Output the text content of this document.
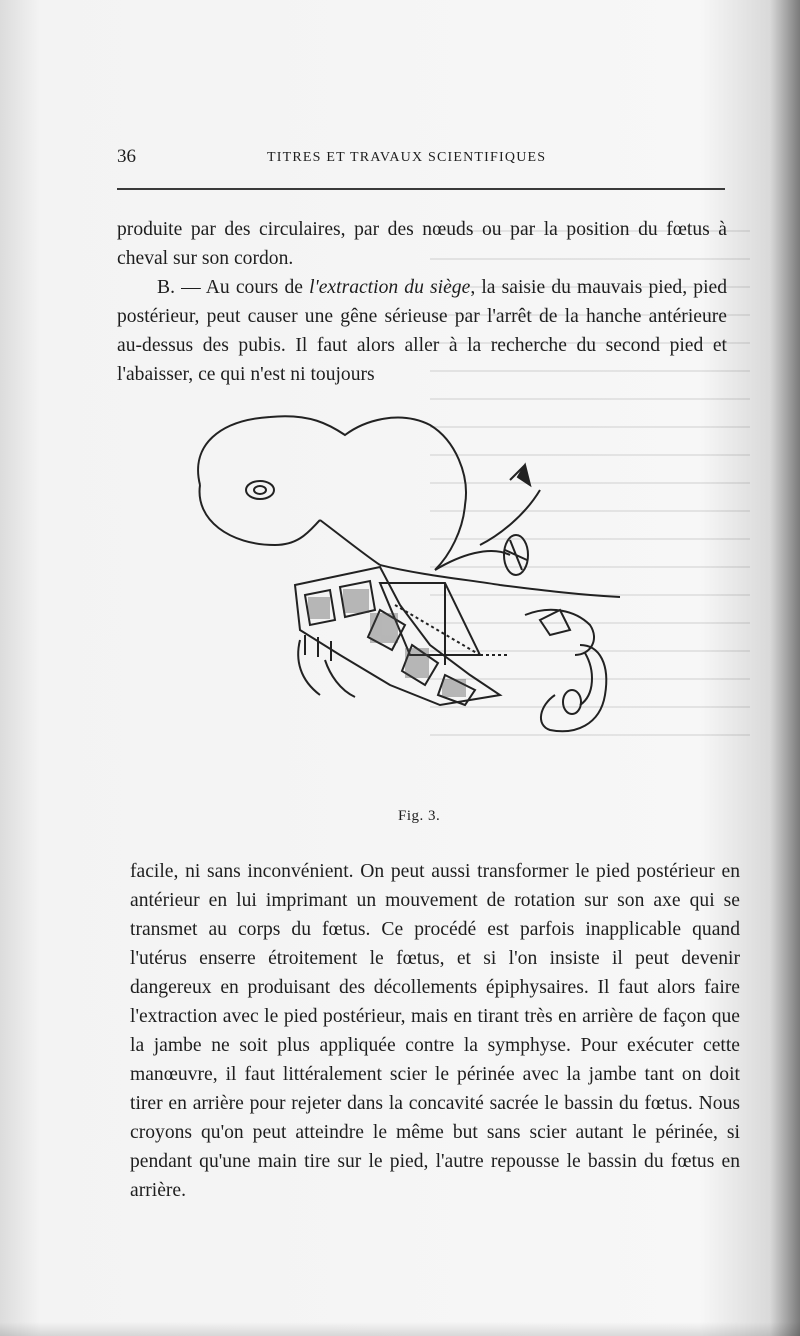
36	TITRES ET TRAVAUX SCIENTIFIQUES

produite par des circulaires, par des nœuds ou par la position du fœtus à cheval sur son cordon.

B. — Au cours de l'extraction du siège, la saisie du mauvais pied, pied postérieur, peut causer une gêne sérieuse par l'arrêt de la hanche antérieure au-dessus des pubis. Il faut alors aller à la recherche du second pied et l'abaisser, ce qui n'est ni toujours

Fig. 3.

facile, ni sans inconvénient. On peut aussi transformer le pied postérieur en antérieur en lui imprimant un mouvement de rotation sur son axe qui se transmet au corps du fœtus. Ce procédé est parfois inapplicable quand l'utérus enserre étroitement le fœtus, et si l'on insiste il peut devenir dangereux en produisant des décollements épiphysaires. Il faut alors faire l'extraction avec le pied postérieur, mais en tirant très en arrière de façon que la jambe ne soit plus appliquée contre la symphyse. Pour exécuter cette manœuvre, il faut littéralement scier le périnée avec la jambe tant on doit tirer en arrière pour rejeter dans la concavité sacrée le bassin du fœtus. Nous croyons qu'on peut atteindre le même but sans scier autant le périnée, si pendant qu'une main tire sur le pied, l'autre repousse le bassin du fœtus en arrière.
